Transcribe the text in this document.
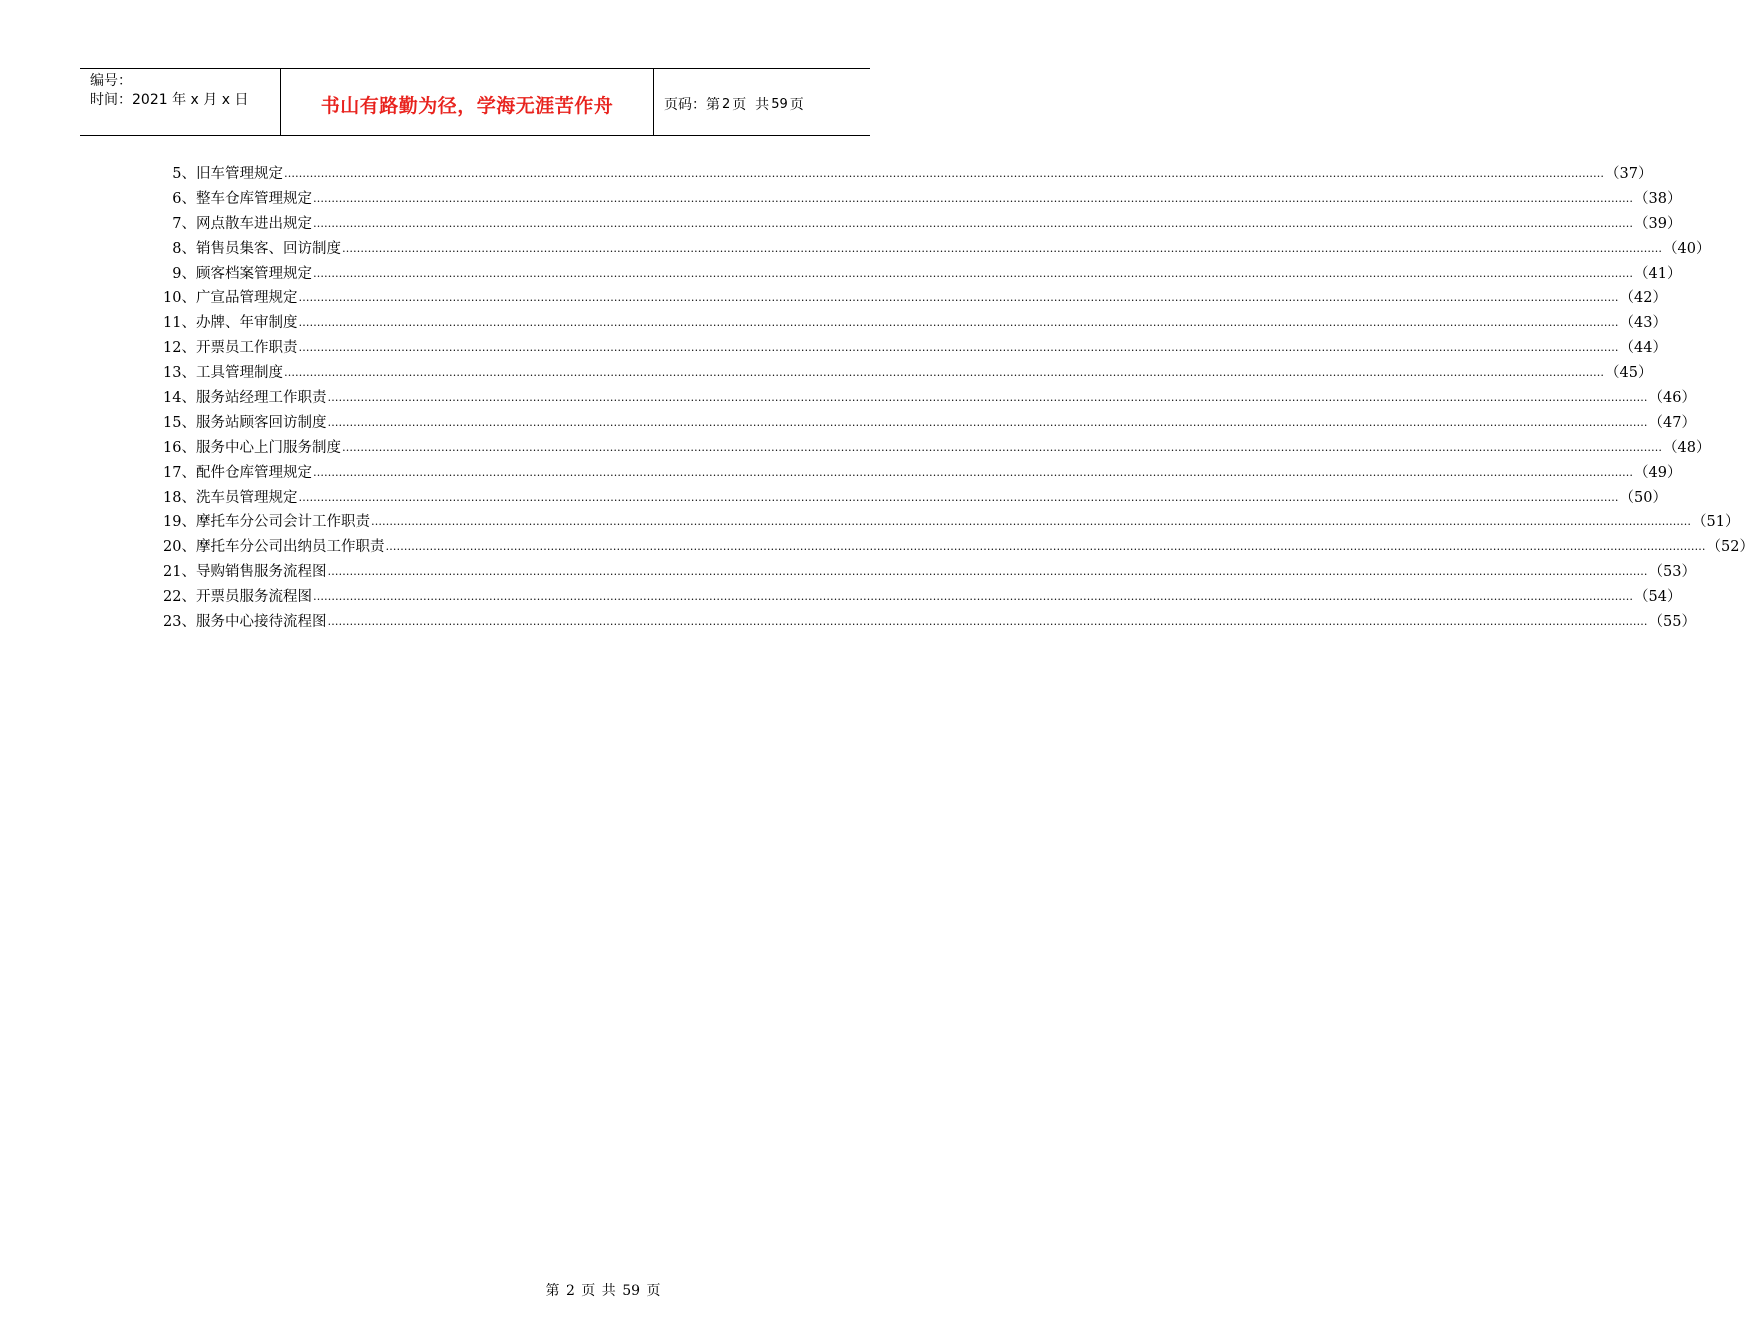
编号：
时间：2021 年 x 月 x 日	书山有路勤为径，学海无涯苦作舟	页码：第 2 页  共 59 页
5、 旧车管理规定 ……………………………………………………………………………………………………………………………………………………………………………………………………………………………………………………………………………………………………………………………… （37）
6、 整车仓库管理规定 ……………………………………………………………………………………………………………………………………………………………………………………………………………………………………………………………………………………………………………………………… （38）
7、 网点散车进出规定 ……………………………………………………………………………………………………………………………………………………………………………………………………………………………………………………………………………………………………………………………… （39）
8、 销售员集客、回访制度 ……………………………………………………………………………………………………………………………………………………………………………………………………………………………………………………………………………………………………………………………… （40）
9、 顾客档案管理规定 ……………………………………………………………………………………………………………………………………………………………………………………………………………………………………………………………………………………………………………………………… （41）
10、 广宣品管理规定 ……………………………………………………………………………………………………………………………………………………………………………………………………………………………………………………………………………………………………………………………… （42）
11、 办牌、年审制度 ……………………………………………………………………………………………………………………………………………………………………………………………………………………………………………………………………………………………………………………………… （43）
12、 开票员工作职责 ……………………………………………………………………………………………………………………………………………………………………………………………………………………………………………………………………………………………………………………………… （44）
13、 工具管理制度 ……………………………………………………………………………………………………………………………………………………………………………………………………………………………………………………………………………………………………………………………… （45）
14、 服务站经理工作职责 ……………………………………………………………………………………………………………………………………………………………………………………………………………………………………………………………………………………………………………………………… （46）
15、 服务站顾客回访制度 ……………………………………………………………………………………………………………………………………………………………………………………………………………………………………………………………………………………………………………………………… （47）
16、 服务中心上门服务制度 ……………………………………………………………………………………………………………………………………………………………………………………………………………………………………………………………………………………………………………………………… （48）
17、 配件仓库管理规定 ……………………………………………………………………………………………………………………………………………………………………………………………………………………………………………………………………………………………………………………………… （49）
18、 洗车员管理规定 ……………………………………………………………………………………………………………………………………………………………………………………………………………………………………………………………………………………………………………………………… （50）
19、 摩托车分公司会计工作职责 ……………………………………………………………………………………………………………………………………………………………………………………………………………………………………………………………………………………………………………………………… （51）
20、 摩托车分公司出纳员工作职责 ……………………………………………………………………………………………………………………………………………………………………………………………………………………………………………………………………………………………………………………………… （52）
21、 导购销售服务流程图 ……………………………………………………………………………………………………………………………………………………………………………………………………………………………………………………………………………………………………………………………… （53）
22、 开票员服务流程图 ……………………………………………………………………………………………………………………………………………………………………………………………………………………………………………………………………………………………………………………………… （54）
23、 服务中心接待流程图 ……………………………………………………………………………………………………………………………………………………………………………………………………………………………………………………………………………………………………………………………… （55）
第 2 页 共 59 页
